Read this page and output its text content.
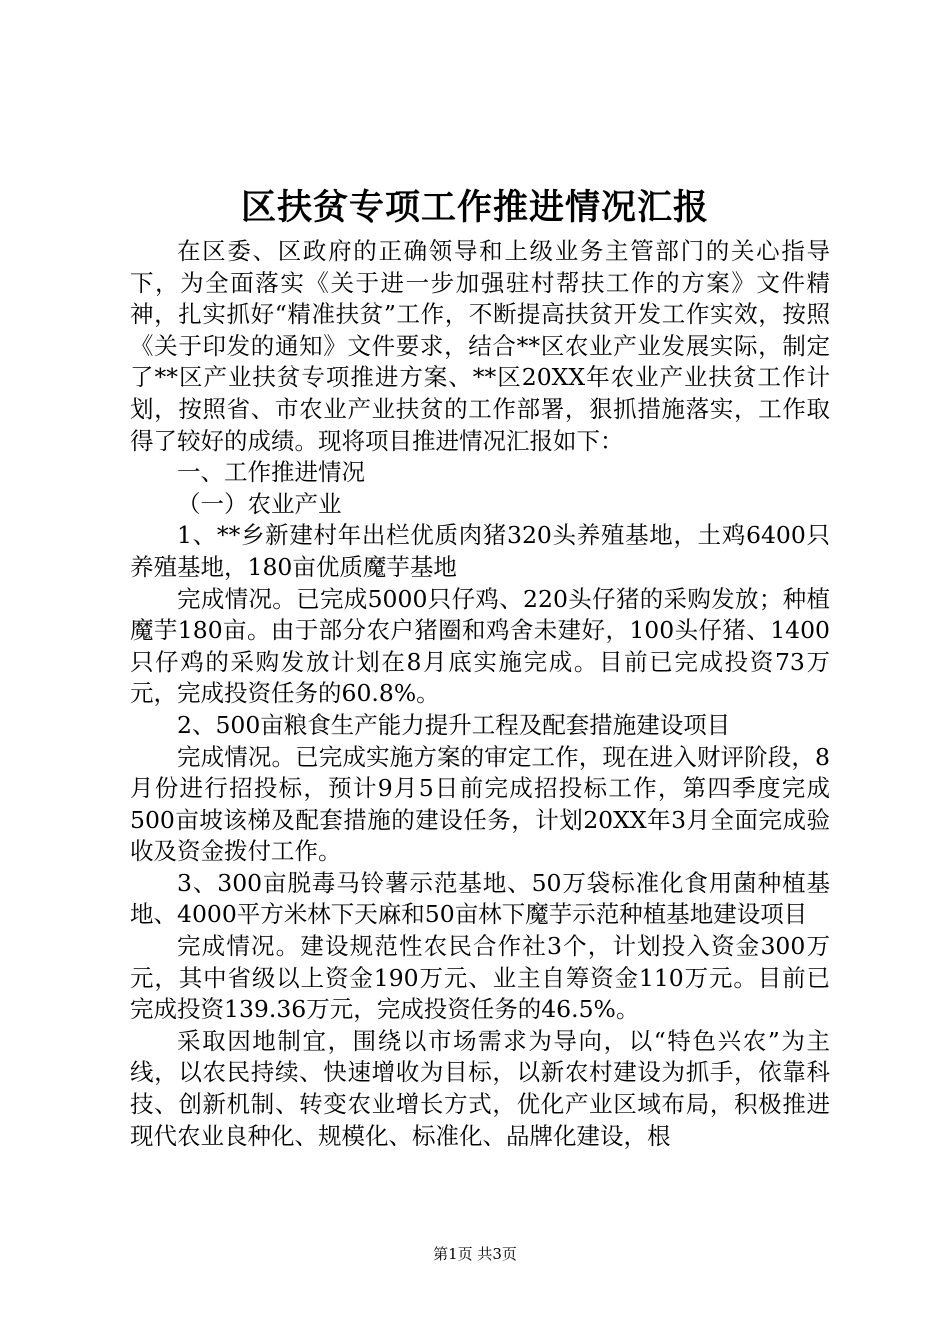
区扶贫专项工作推进情况汇报

在区委、区政府的正确领导和上级业务主管部门的关心指导下，为全面落实《关于进一步加强驻村帮扶工作的方案》文件精神，扎实抓好“精准扶贫”工作，不断提高扶贫开发工作实效，按照《关于印发的通知》文件要求，结合**区农业产业发展实际，制定了**区产业扶贫专项推进方案、**区20XX年农业产业扶贫工作计划，按照省、市农业产业扶贫的工作部署，狠抓措施落实，工作取得了较好的成绩。现将项目推进情况汇报如下：

一、工作推进情况

（一）农业产业

1、**乡新建村年出栏优质肉猪320头养殖基地，土鸡6400只养殖基地，180亩优质魔芋基地

完成情况。已完成5000只仔鸡、220头仔猪的采购发放；种植魔芋180亩。由于部分农户猪圈和鸡舍未建好，100头仔猪、1400只仔鸡的采购发放计划在8月底实施完成。目前已完成投资73万元，完成投资任务的60.8%。

2、500亩粮食生产能力提升工程及配套措施建设项目

完成情况。已完成实施方案的审定工作，现在进入财评阶段，8月份进行招投标，预计9月5日前完成招投标工作，第四季度完成500亩坡该梯及配套措施的建设任务，计划20XX年3月全面完成验收及资金拨付工作。

3、300亩脱毒马铃薯示范基地、50万袋标准化食用菌种植基地、4000平方米林下天麻和50亩林下魔芋示范种植基地建设项目

完成情况。建设规范性农民合作社3个，计划投入资金300万元，其中省级以上资金190万元、业主自筹资金110万元。目前已完成投资139.36万元，完成投资任务的46.5%。

采取因地制宜，围绕以市场需求为导向，以“特色兴农”为主线，以农民持续、快速增收为目标，以新农村建设为抓手，依靠科技、创新机制、转变农业增长方式，优化产业区域布局，积极推进现代农业良种化、规模化、标准化、品牌化建设，根

第1页 共3页
